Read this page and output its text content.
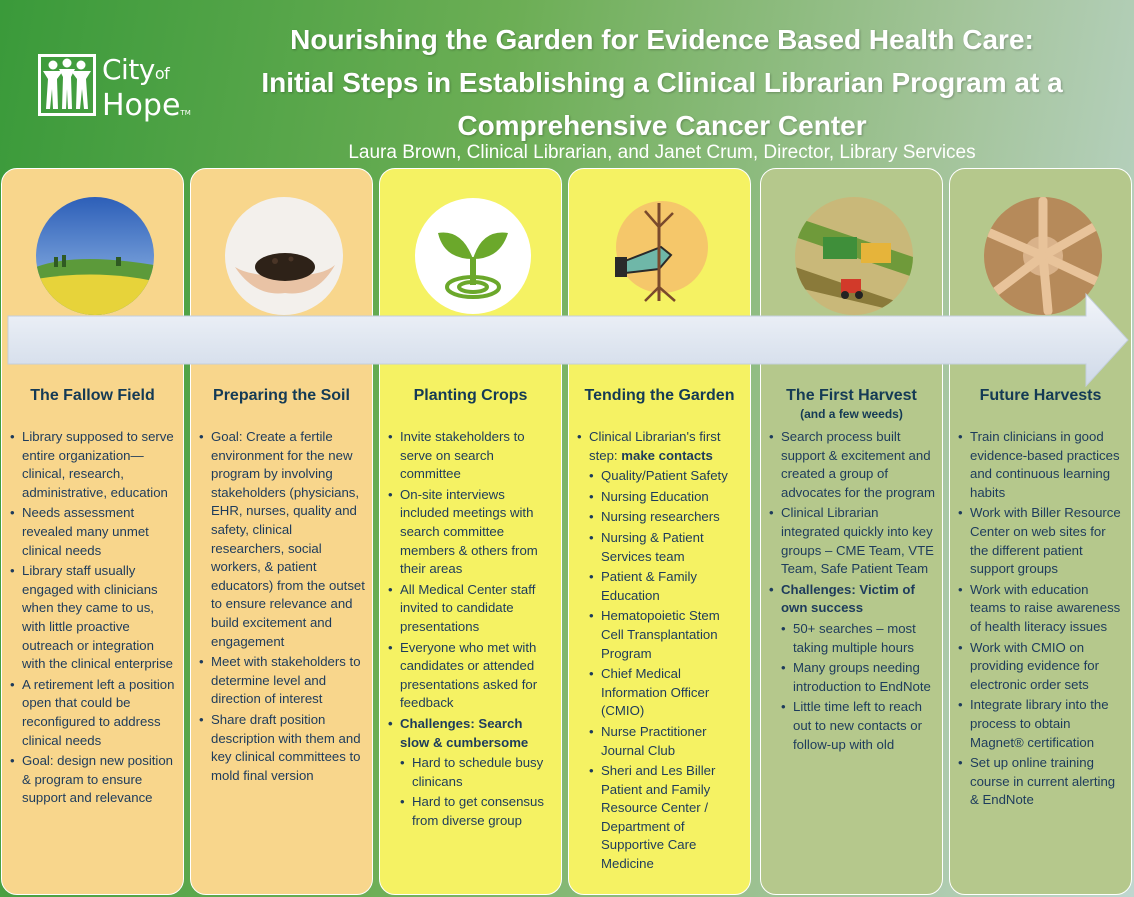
Cityof
HopeTM
Nourishing the Garden for Evidence Based Health Care:
Initial Steps in Establishing a Clinical Librarian Program at a
Comprehensive Cancer Center
Laura Brown, Clinical Librarian, and Janet Crum, Director, Library Services
The Fallow Field
• Library supposed to serve entire organization—clinical, research, administrative, education
• Needs assessment revealed many unmet clinical needs
• Library staff usually engaged with clinicians when they came to us, with little proactive outreach or integration with the clinical enterprise
• A retirement left a position open that could be reconfigured to address clinical needs
• Goal: design new position & program to ensure support and relevance
Preparing the Soil
• Goal: Create a fertile environment for the new program by involving stakeholders (physicians, EHR, nurses, quality and safety, clinical researchers, social workers, & patient educators) from the outset to ensure relevance and build excitement and engagement
• Meet with stakeholders to determine level and direction of interest
• Share draft position description with them and key clinical committees to mold final version
Planting Crops
• Invite stakeholders to serve on search committee
• On-site interviews included meetings with search committee members & others from their areas
• All Medical Center staff invited to candidate presentations
• Everyone who met with candidates or attended presentations asked for feedback
• Challenges: Search slow & cumbersome
• Hard to schedule busy clinicans
• Hard to get consensus from diverse group
Tending the Garden
• Clinical Librarian's first step: make contacts
• Quality/Patient Safety
• Nursing Education
• Nursing researchers
• Nursing & Patient Services team
• Patient & Family Education
• Hematopoietic Stem Cell Transplantation Program
• Chief Medical Information Officer (CMIO)
• Nurse Practitioner Journal Club
• Sheri and Les Biller Patient and Family Resource Center / Department of Supportive Care Medicine
The First Harvest
(and a few weeds)
• Search process built support & excitement and created a group of advocates for the program
• Clinical Librarian integrated quickly into key groups – CME Team, VTE Team, Safe Patient Team
• Challenges: Victim of own success
• 50+ searches – most taking multiple hours
• Many groups needing introduction to EndNote
• Little time left to reach out to new contacts or follow-up with old
Future Harvests
• Train clinicians in good evidence-based practices and continuous learning habits
• Work with Biller Resource Center on web sites for the different patient support groups
• Work with education teams to raise awareness of health literacy issues
• Work with CMIO on providing evidence for electronic order sets
• Integrate library into the process to obtain Magnet® certification
• Set up online training course in current alerting & EndNote
